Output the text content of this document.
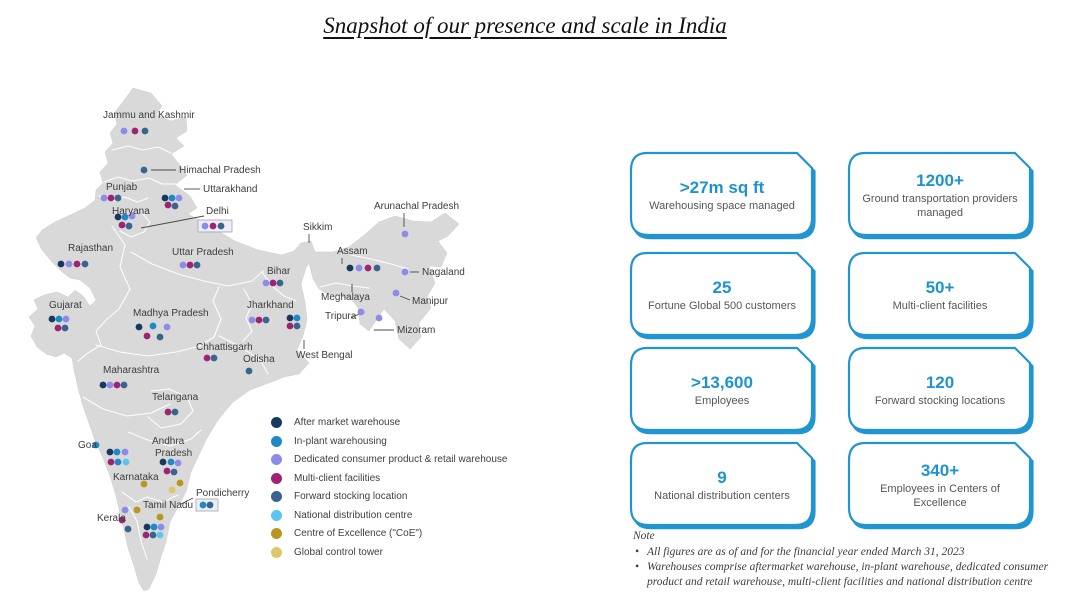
Snapshot of our presence and scale in India
Jammu and Kashmir
Himachal Pradesh
Punjab	Uttarakhand
Haryana	Delhi
Rajasthan	Uttar Pradesh
Bihar
Sikkim
Arunachal Pradesh
Assam
Nagaland
Meghalaya	Manipur
Jharkhand
Tripura
Mizoram
West Bengal
Gujarat
Madhya Pradesh
Chhattisgarh
Odisha
Maharashtra
Telangana
Goa	Andhra Pradesh
Karnataka
Pondicherry
Tamil Nadu
Kerala
After market warehouse
In-plant warehousing
Dedicated consumer product & retail warehouse
Multi-client facilities
Forward stocking location
National distribution centre
Centre of Excellence ("CoE")
Global control tower
>27m sq ft
Warehousing space managed
1200+
Ground transportation providers managed
25
Fortune Global 500 customers
50+
Multi-client facilities
>13,600
Employees
120
Forward stocking locations
9
National distribution centers
340+
Employees in Centers of Excellence
Note
• All figures are as of and for the financial year ended March 31, 2023
• Warehouses comprise aftermarket warehouse, in-plant warehouse, dedicated consumer product and retail warehouse, multi-client facilities and national distribution centre
